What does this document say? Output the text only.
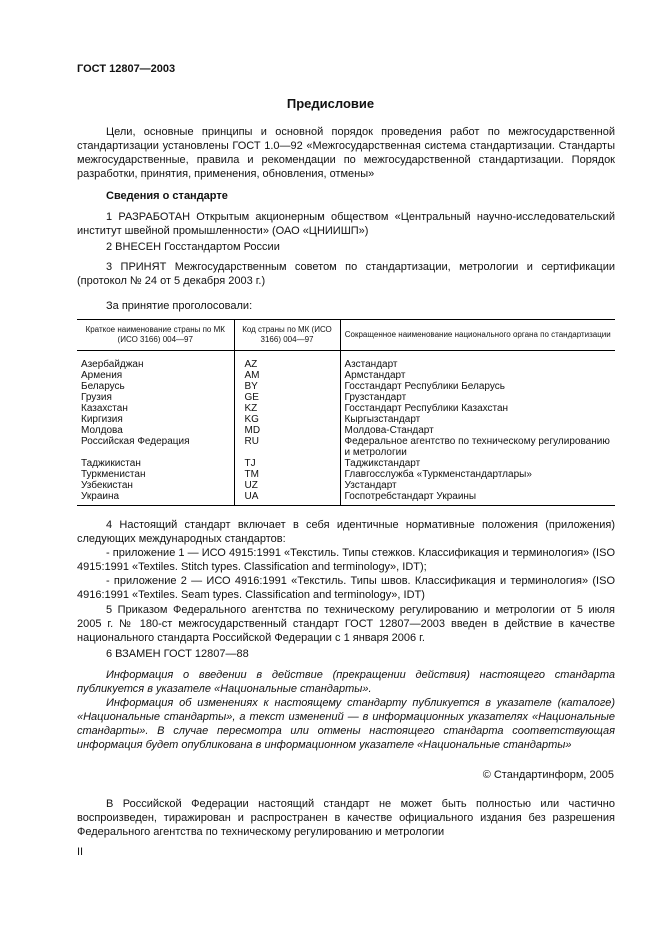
ГОСТ 12807—2003
Предисловие

Цели, основные принципы и основной порядок проведения работ по межгосударственной стандартизации установлены ГОСТ 1.0—92 «Межгосударственная система стандартизации. Стандарты межгосударственные, правила и рекомендации по межгосударственной стандартизации. Порядок разработки, принятия, применения, обновления, отмены»

Сведения о стандарте

1 РАЗРАБОТАН Открытым акционерным обществом «Центральный научно-исследовательский институт швейной промышленности» (ОАО «ЦНИИШП»)

2 ВНЕСЕН Госстандартом России

3 ПРИНЯТ Межгосударственным советом по стандартизации, метрологии и сертификации (протокол № 24 от 5 декабря 2003 г.)

За принятие проголосовали:

Краткое наименование страны по МК (ИСО 3166) 004—97	Код страны по МК (ИСО 3166) 004—97	Сокращенное наименование национального органа по стандартизации
Азербайджан	AZ	Азстандарт
Армения	AM	Армстандарт
Беларусь	BY	Госстандарт Республики Беларусь
Грузия	GE	Грузстандарт
Казахстан	KZ	Госстандарт Республики Казахстан
Киргизия	KG	Кыргызстандарт
Молдова	MD	Молдова-Стандарт
Российская Федерация	RU	Федеральное агентство по техническому регулированию и метрологии
Таджикистан	TJ	Таджикстандарт
Туркменистан	TM	Главгосслужба «Туркменстандартлары»
Узбекистан	UZ	Узстандарт
Украина	UA	Госпотребстандарт Украины

4 Настоящий стандарт включает в себя идентичные нормативные положения (приложения) следующих международных стандартов:

- приложение 1 — ИСО 4915:1991 «Текстиль. Типы стежков. Классификация и терминология» (ISO 4915:1991 «Textiles. Stitch types. Classification and terminology», IDT);

- приложение 2 — ИСО 4916:1991 «Текстиль. Типы швов. Классификация и терминология» (ISO 4916:1991 «Textiles. Seam types. Classification and terminology», IDT)

5 Приказом Федерального агентства по техническому регулированию и метрологии от 5 июля 2005 г. № 180-ст межгосударственный стандарт ГОСТ 12807—2003 введен в действие в качестве национального стандарта Российской Федерации с 1 января 2006 г.

6 ВЗАМЕН ГОСТ 12807—88

Информация о введении в действие (прекращении действия) настоящего стандарта публикуется в указателе «Национальные стандарты».

Информация об изменениях к настоящему стандарту публикуется в указателе (каталоге) «Национальные стандарты», а текст изменений — в информационных указателях «Национальные стандарты». В случае пересмотра или отмены настоящего стандарта соответствующая информация будет опубликована в информационном указателе «Национальные стандарты»

© Стандартинформ, 2005

В Российской Федерации настоящий стандарт не может быть полностью или частично воспроизведен, тиражирован и распространен в качестве официального издания без разрешения Федерального агентства по техническому регулированию и метрологии

II
